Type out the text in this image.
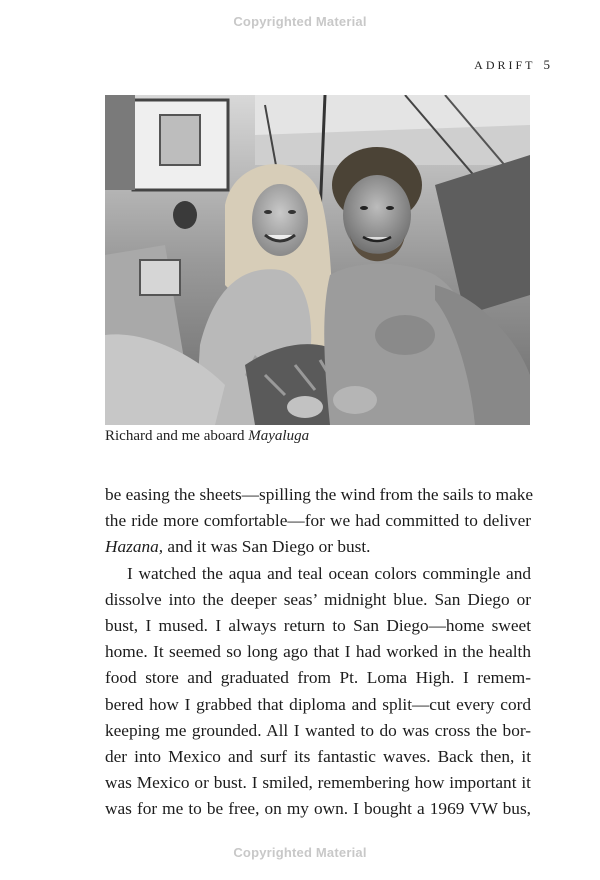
Copyrighted Material
ADRIFT 5
Richard and me aboard Mayaluga
be easing the sheets—spilling the wind from the sails to make
the ride more comfortable—for we had committed to deliver
Hazana, and it was San Diego or bust.
I watched the aqua and teal ocean colors commingle and
dissolve into the deeper seas’ midnight blue. San Diego or
bust, I mused. I always return to San Diego—home sweet
home. It seemed so long ago that I had worked in the health
food store and graduated from Pt. Loma High. I remem-
bered how I grabbed that diploma and split—cut every cord
keeping me grounded. All I wanted to do was cross the bor-
der into Mexico and surf its fantastic waves. Back then, it
was Mexico or bust. I smiled, remembering how important it
was for me to be free, on my own. I bought a 1969 VW bus,
Copyrighted Material
